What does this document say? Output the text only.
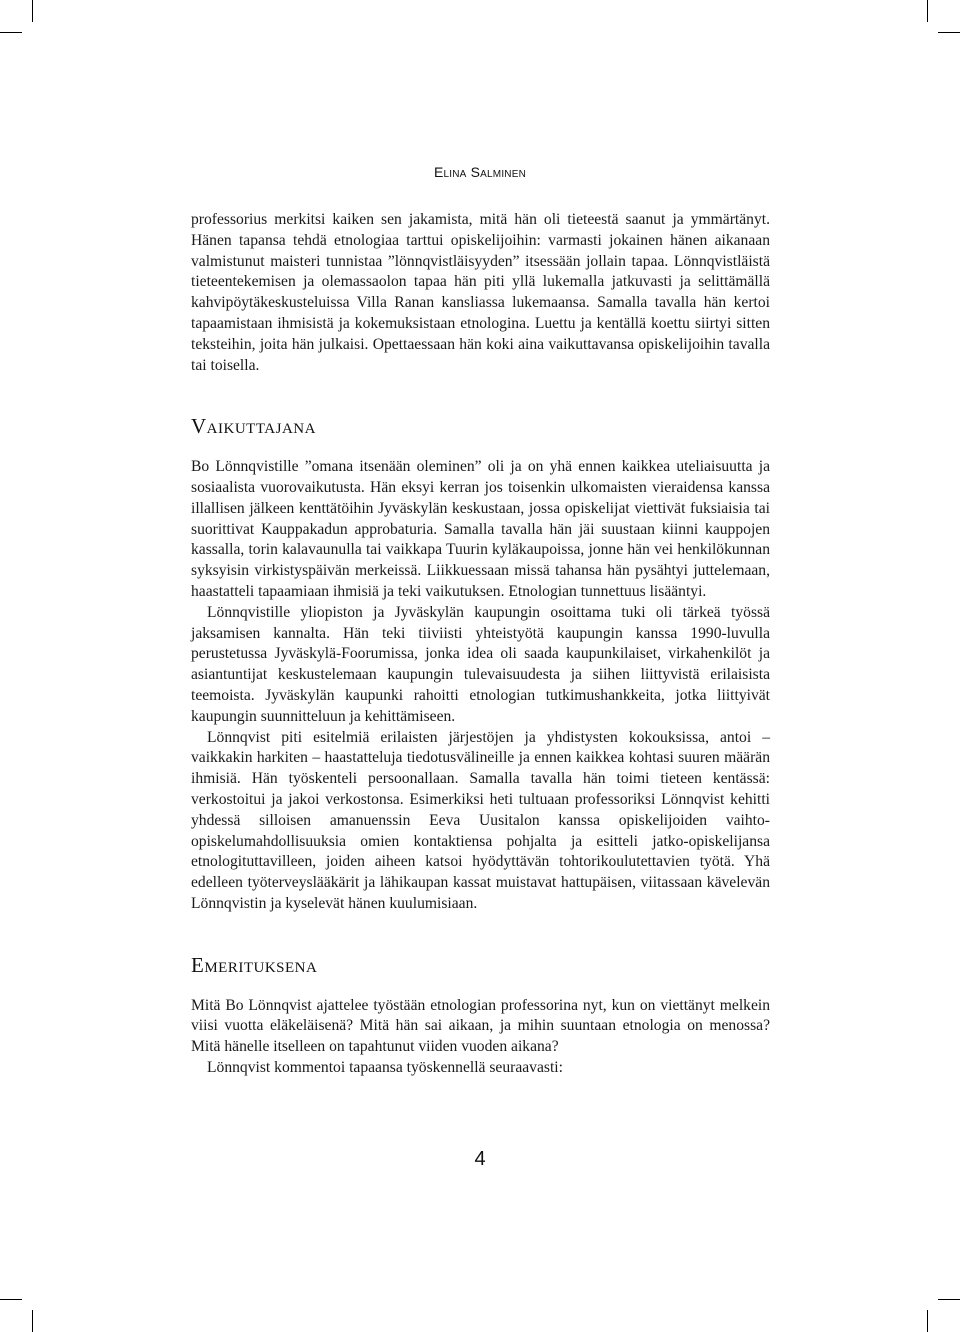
Elina Salminen

professorius merkitsi kaiken sen jakamista, mitä hän oli tieteestä saanut ja ymmärtänyt. Hänen tapansa tehdä etnologiaa tarttui opiskelijoihin: varmasti jokainen hänen aikanaan valmistunut maisteri tunnistaa ”lönnqvistläisyyden” itsessään jollain tapaa. Lönnqvistläistä tieteentekemisen ja olemassaolon tapaa hän piti yllä lukemalla jatkuvasti ja selittämällä kahvipöytäkeskusteluissa Villa Ranan kansliassa lukemaansa. Samalla tavalla hän kertoi tapaamistaan ihmisistä ja kokemuksistaan etnologina. Luettu ja kentällä koettu siirtyi sitten teksteihin, joita hän julkaisi. Opettaessaan hän koki aina vaikuttavansa opiskelijoihin tavalla tai toisella.

Vaikuttajana

Bo Lönnqvistille ”omana itsenään oleminen” oli ja on yhä ennen kaikkea uteliaisuutta ja sosiaalista vuorovaikutusta. Hän eksyi kerran jos toisenkin ulkomaisten vieraidensa kanssa illallisen jälkeen kenttätöihin Jyväskylän keskustaan, jossa opiskelijat viettivät fuksiaisia tai suorittivat Kauppakadun approbaturia. Samalla tavalla hän jäi suustaan kiinni kauppojen kassalla, torin kalavaunulla tai vaikkapa Tuurin kyläkaupoissa, jonne hän vei henkilökunnan syksyisin virkistyspäivän merkeissä. Liikkuessaan missä tahansa hän pysähtyi juttelemaan, haastatteli tapaamiaan ihmisiä ja teki vaikutuksen. Etnologian tunnettuus lisääntyi.

Lönnqvistille yliopiston ja Jyväskylän kaupungin osoittama tuki oli tärkeä työssä jaksamisen kannalta. Hän teki tiiviisti yhteistyötä kaupungin kanssa 1990-luvulla perustetussa Jyväskylä-Foorumissa, jonka idea oli saada kaupunkilaiset, virkahenkilöt ja asiantuntijat keskustelemaan kaupungin tulevaisuudesta ja siihen liittyvistä erilaisista teemoista. Jyväskylän kaupunki rahoitti etnologian tutkimushankkeita, jotka liittyivät kaupungin suunnitteluun ja kehittämiseen.

Lönnqvist piti esitelmiä erilaisten järjestöjen ja yhdistysten kokouksissa, antoi – vaikkakin harkiten – haastatteluja tiedotusvälineille ja ennen kaikkea kohtasi suuren määrän ihmisiä. Hän työskenteli persoonallaan. Samalla tavalla hän toimi tieteen kentässä: verkostoitui ja jakoi verkostonsa. Esimerkiksi heti tultuaan professoriksi Lönnqvist kehitti yhdessä silloisen amanuenssin Eeva Uusitalon kanssa opiskelijoiden vaihto-opiskelumahdollisuuksia omien kontaktiensa pohjalta ja esitteli jatko-opiskelijansa etnologituttavilleen, joiden aiheen katsoi hyödyttävän tohtorikoulutettavien työtä. Yhä edelleen työterveyslääkärit ja lähikaupan kassat muistavat hattupäisen, viitassaan kävelevän Lönnqvistin ja kyselevät hänen kuulumisiaan.

Emerituksena

Mitä Bo Lönnqvist ajattelee työstään etnologian professorina nyt, kun on viettänyt melkein viisi vuotta eläkeläisenä? Mitä hän sai aikaan, ja mihin suuntaan etnologia on menossa? Mitä hänelle itselleen on tapahtunut viiden vuoden aikana?

Lönnqvist kommentoi tapaansa työskennellä seuraavasti:

4
